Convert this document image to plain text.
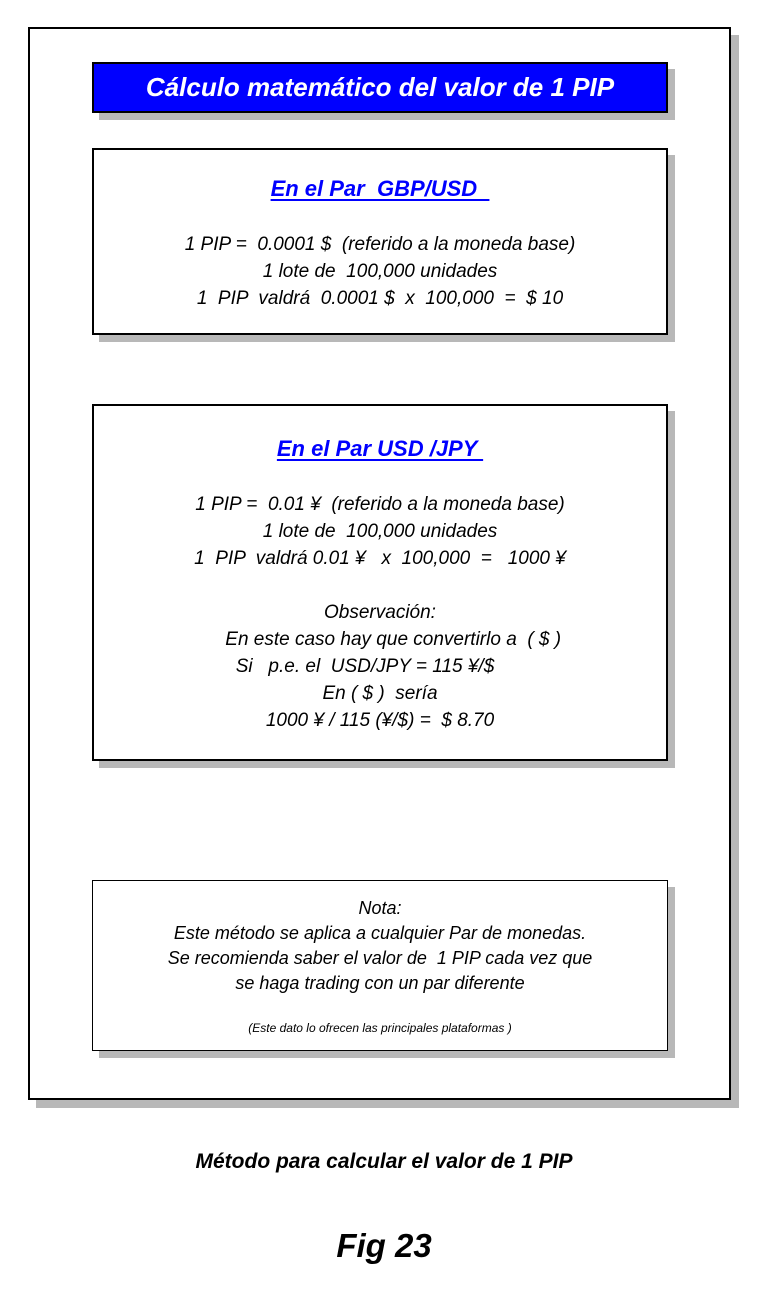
Cálculo matemático del valor de 1 PIP
En el Par  GBP/USD
1 PIP =  0.0001 $  (referido a la moneda base)
1 lote de  100,000 unidades
1  PIP  valdrá  0.0001 $  x  100,000  =  $ 10
En el Par USD /JPY
1 PIP =  0.01 ¥  (referido a la moneda base)
1 lote de  100,000 unidades
1  PIP  valdrá 0.01 ¥   x  100,000  =   1000 ¥
Observación:
En este caso hay que convertirlo a  ( $ )
Si   p.e. el  USD/JPY = 115 ¥/$
En ( $ )  sería
1000 ¥ / 115 (¥/$) =  $ 8.70
Nota:
Este método se aplica a cualquier Par de monedas.
Se recomienda saber el valor de  1 PIP cada vez que
se haga trading con un par diferente
(Este dato lo ofrecen las principales plataformas )
Método para calcular el valor de 1 PIP
Fig 23
